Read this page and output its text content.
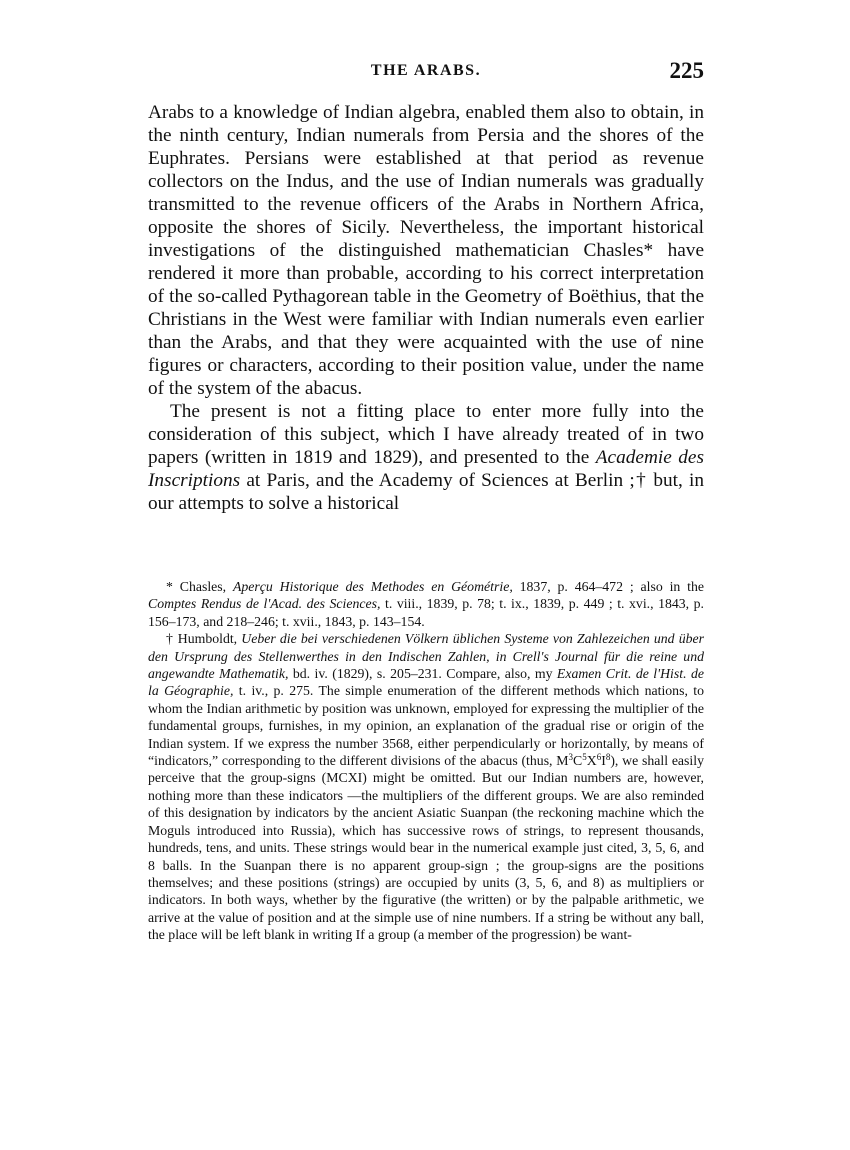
THE ARABS.	225

Arabs to a knowledge of Indian algebra, enabled them also to obtain, in the ninth century, Indian numerals from Persia and the shores of the Euphrates. Persians were established at that period as revenue collectors on the Indus, and the use of Indian numerals was gradually transmitted to the revenue officers of the Arabs in Northern Africa, opposite the shores of Sicily. Nevertheless, the important historical investigations of the distinguished mathematician Chasles* have rendered it more than probable, according to his correct interpretation of the so-called Pythagorean table in the Geometry of Boëthius, that the Christians in the West were familiar with Indian numerals even earlier than the Arabs, and that they were acquainted with the use of nine figures or characters, according to their position value, under the name of the system of the abacus.

The present is not a fitting place to enter more fully into the consideration of this subject, which I have already treated of in two papers (written in 1819 and 1829), and presented to the Academie des Inscriptions at Paris, and the Academy of Sciences at Berlin ;† but, in our attempts to solve a historical

* Chasles, Aperçu Historique des Methodes en Géométrie, 1837, p. 464–472 ; also in the Comptes Rendus de l'Acad. des Sciences, t. viii., 1839, p. 78; t. ix., 1839, p. 449 ; t. xvi., 1843, p. 156–173, and 218–246; t. xvii., 1843, p. 143–154.

† Humboldt, Ueber die bei verschiedenen Völkern üblichen Systeme von Zahlezeichen und über den Ursprung des Stellenwerthes in den Indischen Zahlen, in Crell's Journal für die reine und angewandte Mathematik, bd. iv. (1829), s. 205–231. Compare, also, my Examen Crit. de l'Hist. de la Géographie, t. iv., p. 275. The simple enumeration of the different methods which nations, to whom the Indian arithmetic by position was unknown, employed for expressing the multiplier of the fundamental groups, furnishes, in my opinion, an explanation of the gradual rise or origin of the Indian system. If we express the number 3568, either perpendicularly or horizontally, by means of “indicators,” corresponding to the different divisions of the abacus (thus, $M^3C^5X^6I^8$), we shall easily perceive that the group-signs (MCXI) might be omitted. But our Indian numbers are, however, nothing more than these indicators —the multipliers of the different groups. We are also reminded of this designation by indicators by the ancient Asiatic Suanpan (the reckoning machine which the Moguls introduced into Russia), which has successive rows of strings, to represent thousands, hundreds, tens, and units. These strings would bear in the numerical example just cited, 3, 5, 6, and 8 balls. In the Suanpan there is no apparent group-sign ; the group-signs are the positions themselves; and these positions (strings) are occupied by units (3, 5, 6, and 8) as multipliers or indicators. In both ways, whether by the figurative (the written) or by the palpable arithmetic, we arrive at the value of position and at the simple use of nine numbers. If a string be without any ball, the place will be left blank in writing If a group (a member of the progression) be want-
